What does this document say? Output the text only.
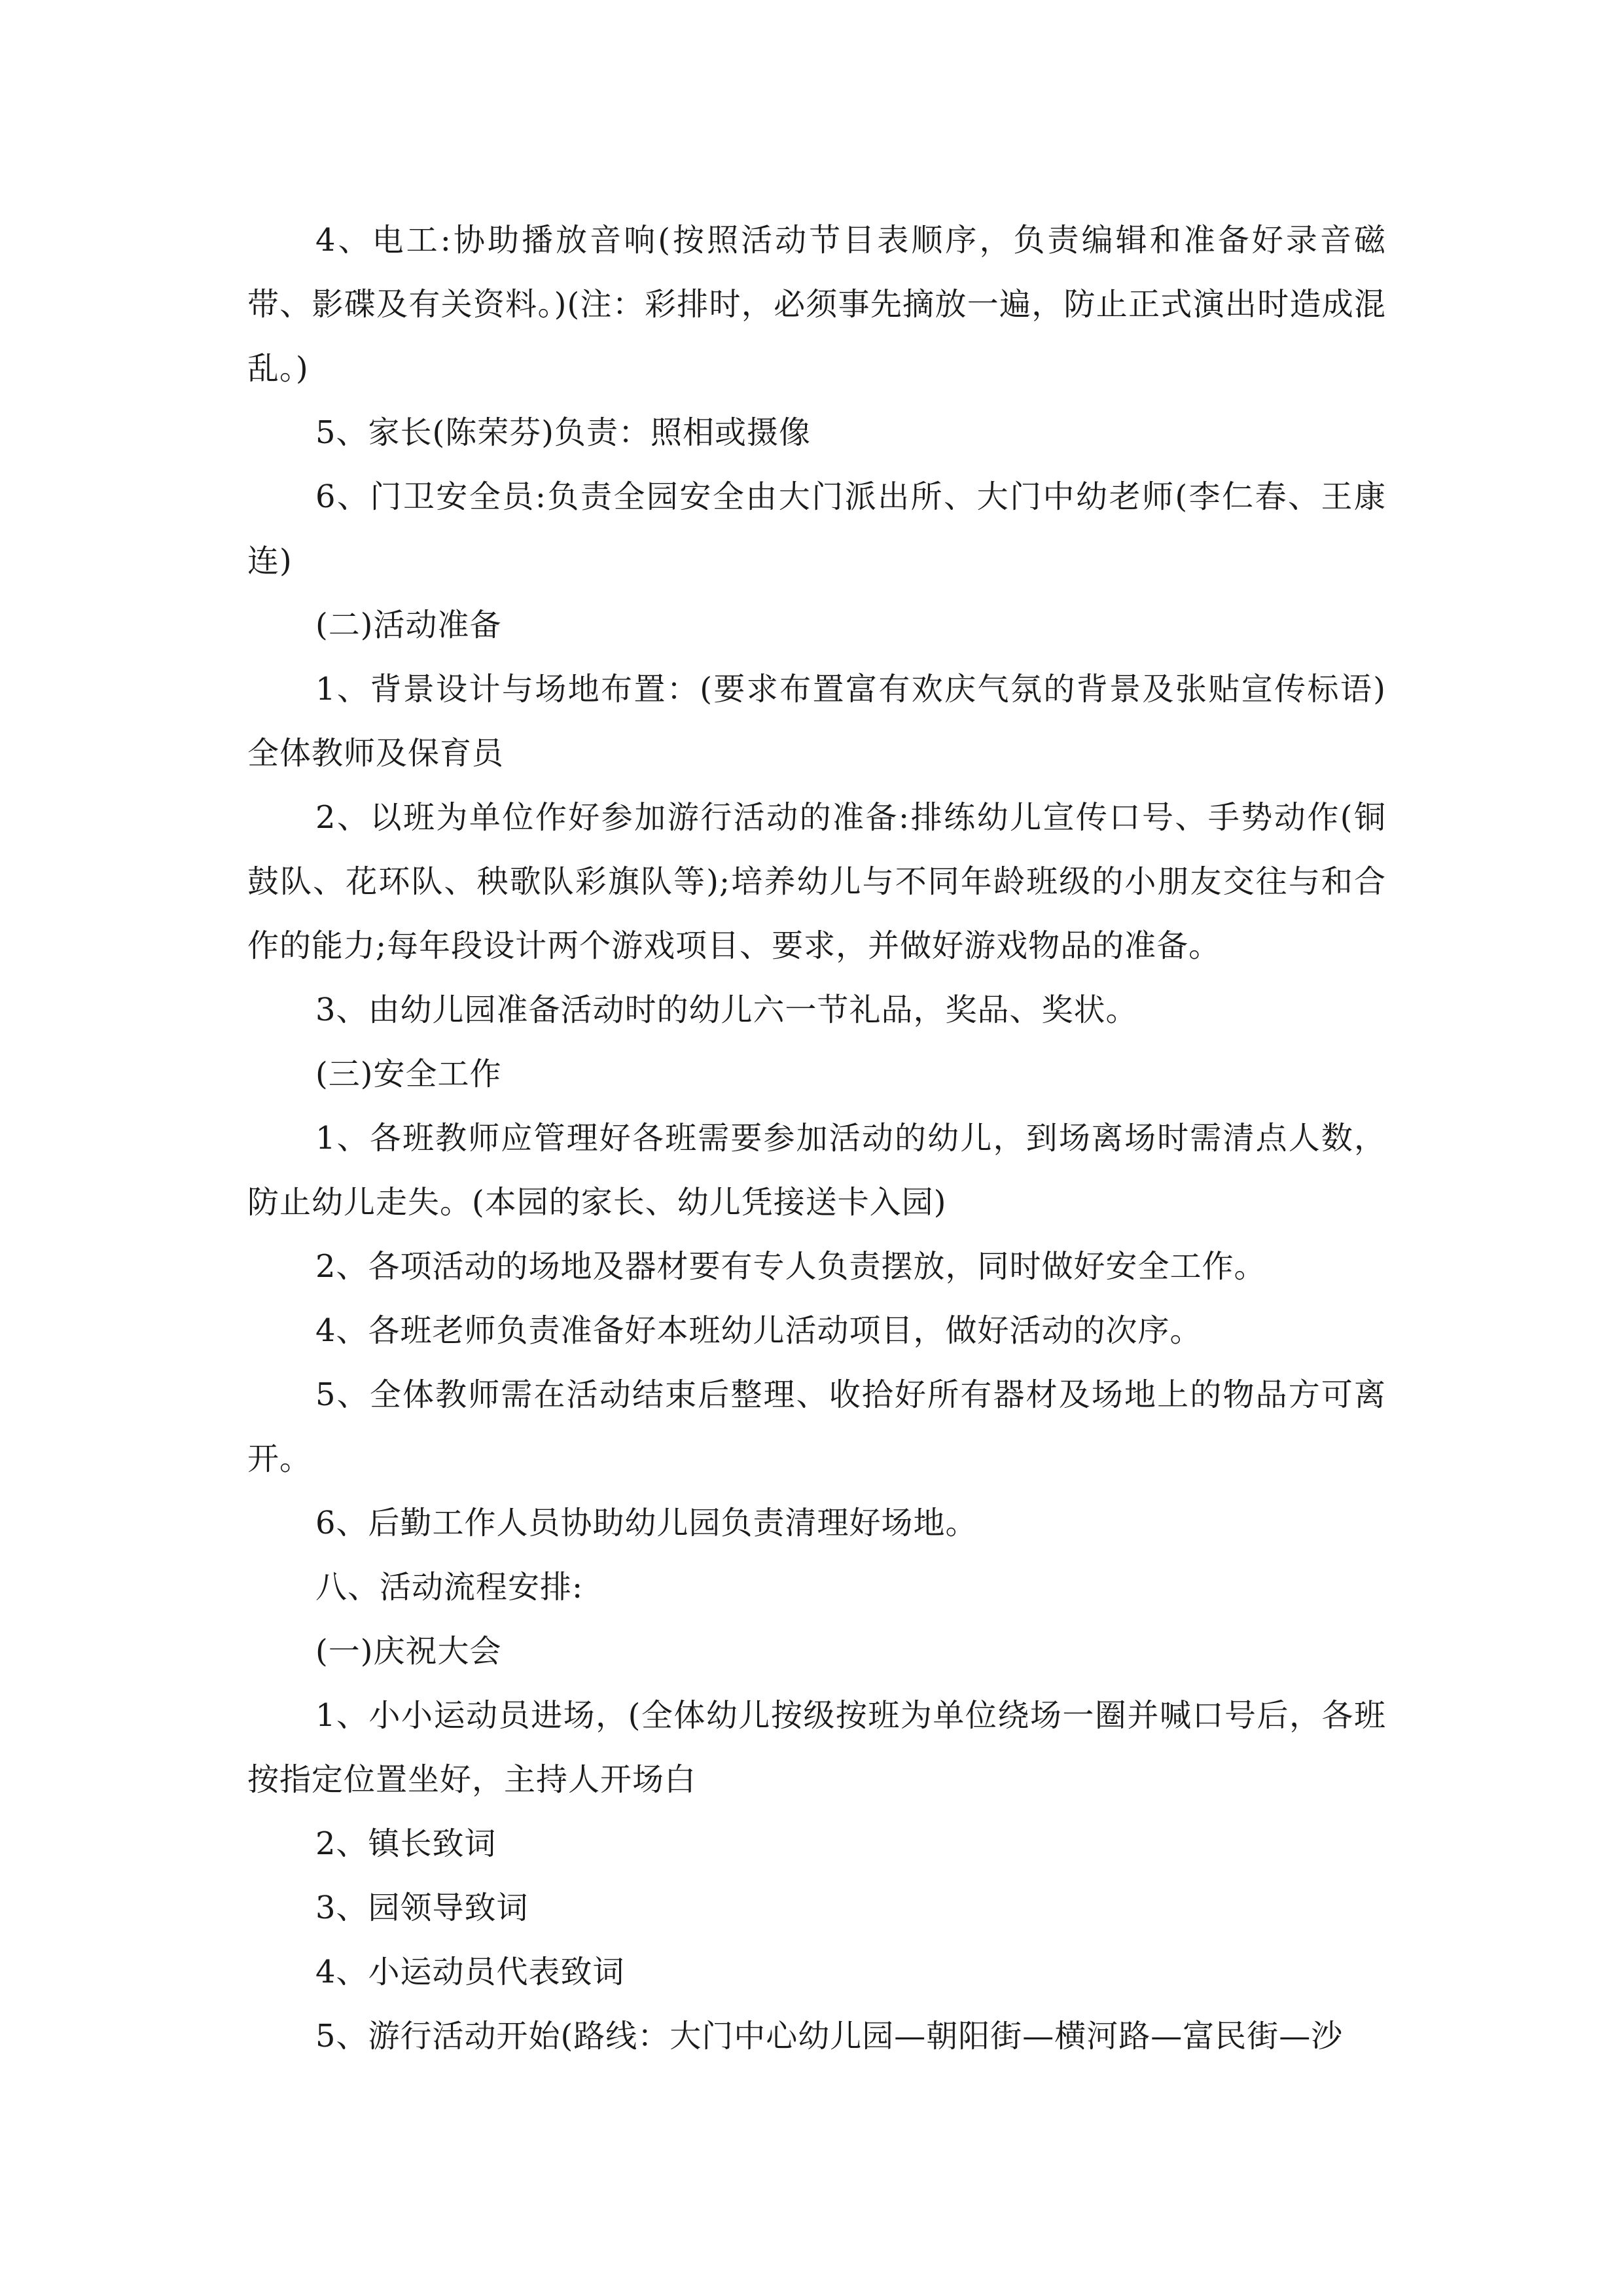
4、电工:协助播放音响(按照活动节目表顺序，负责编辑和准备好录音磁带、影碟及有关资料。)(注：彩排时，必须事先摘放一遍，防止正式演出时造成混乱。)

5、家长(陈荣芬)负责：照相或摄像

6、门卫安全员:负责全园安全由大门派出所、大门中幼老师(李仁春、王康连)

(二)活动准备

1、背景设计与场地布置：(要求布置富有欢庆气氛的背景及张贴宣传标语)全体教师及保育员

2、以班为单位作好参加游行活动的准备:排练幼儿宣传口号、手势动作(铜鼓队、花环队、秧歌队彩旗队等);培养幼儿与不同年龄班级的小朋友交往与和合作的能力;每年段设计两个游戏项目、要求，并做好游戏物品的准备。

3、由幼儿园准备活动时的幼儿六一节礼品，奖品、奖状。

(三)安全工作

1、各班教师应管理好各班需要参加活动的幼儿，到场离场时需清点人数，防止幼儿走失。(本园的家长、幼儿凭接送卡入园)

2、各项活动的场地及器材要有专人负责摆放，同时做好安全工作。

4、各班老师负责准备好本班幼儿活动项目，做好活动的次序。

5、全体教师需在活动结束后整理、收拾好所有器材及场地上的物品方可离开。

6、后勤工作人员协助幼儿园负责清理好场地。

八、活动流程安排:

(一)庆祝大会

1、小小运动员进场，(全体幼儿按级按班为单位绕场一圈并喊口号后，各班按指定位置坐好，主持人开场白

2、镇长致词

3、园领导致词

4、小运动员代表致词

5、游行活动开始(路线：大门中心幼儿园—朝阳街—横河路—富民街—沙
